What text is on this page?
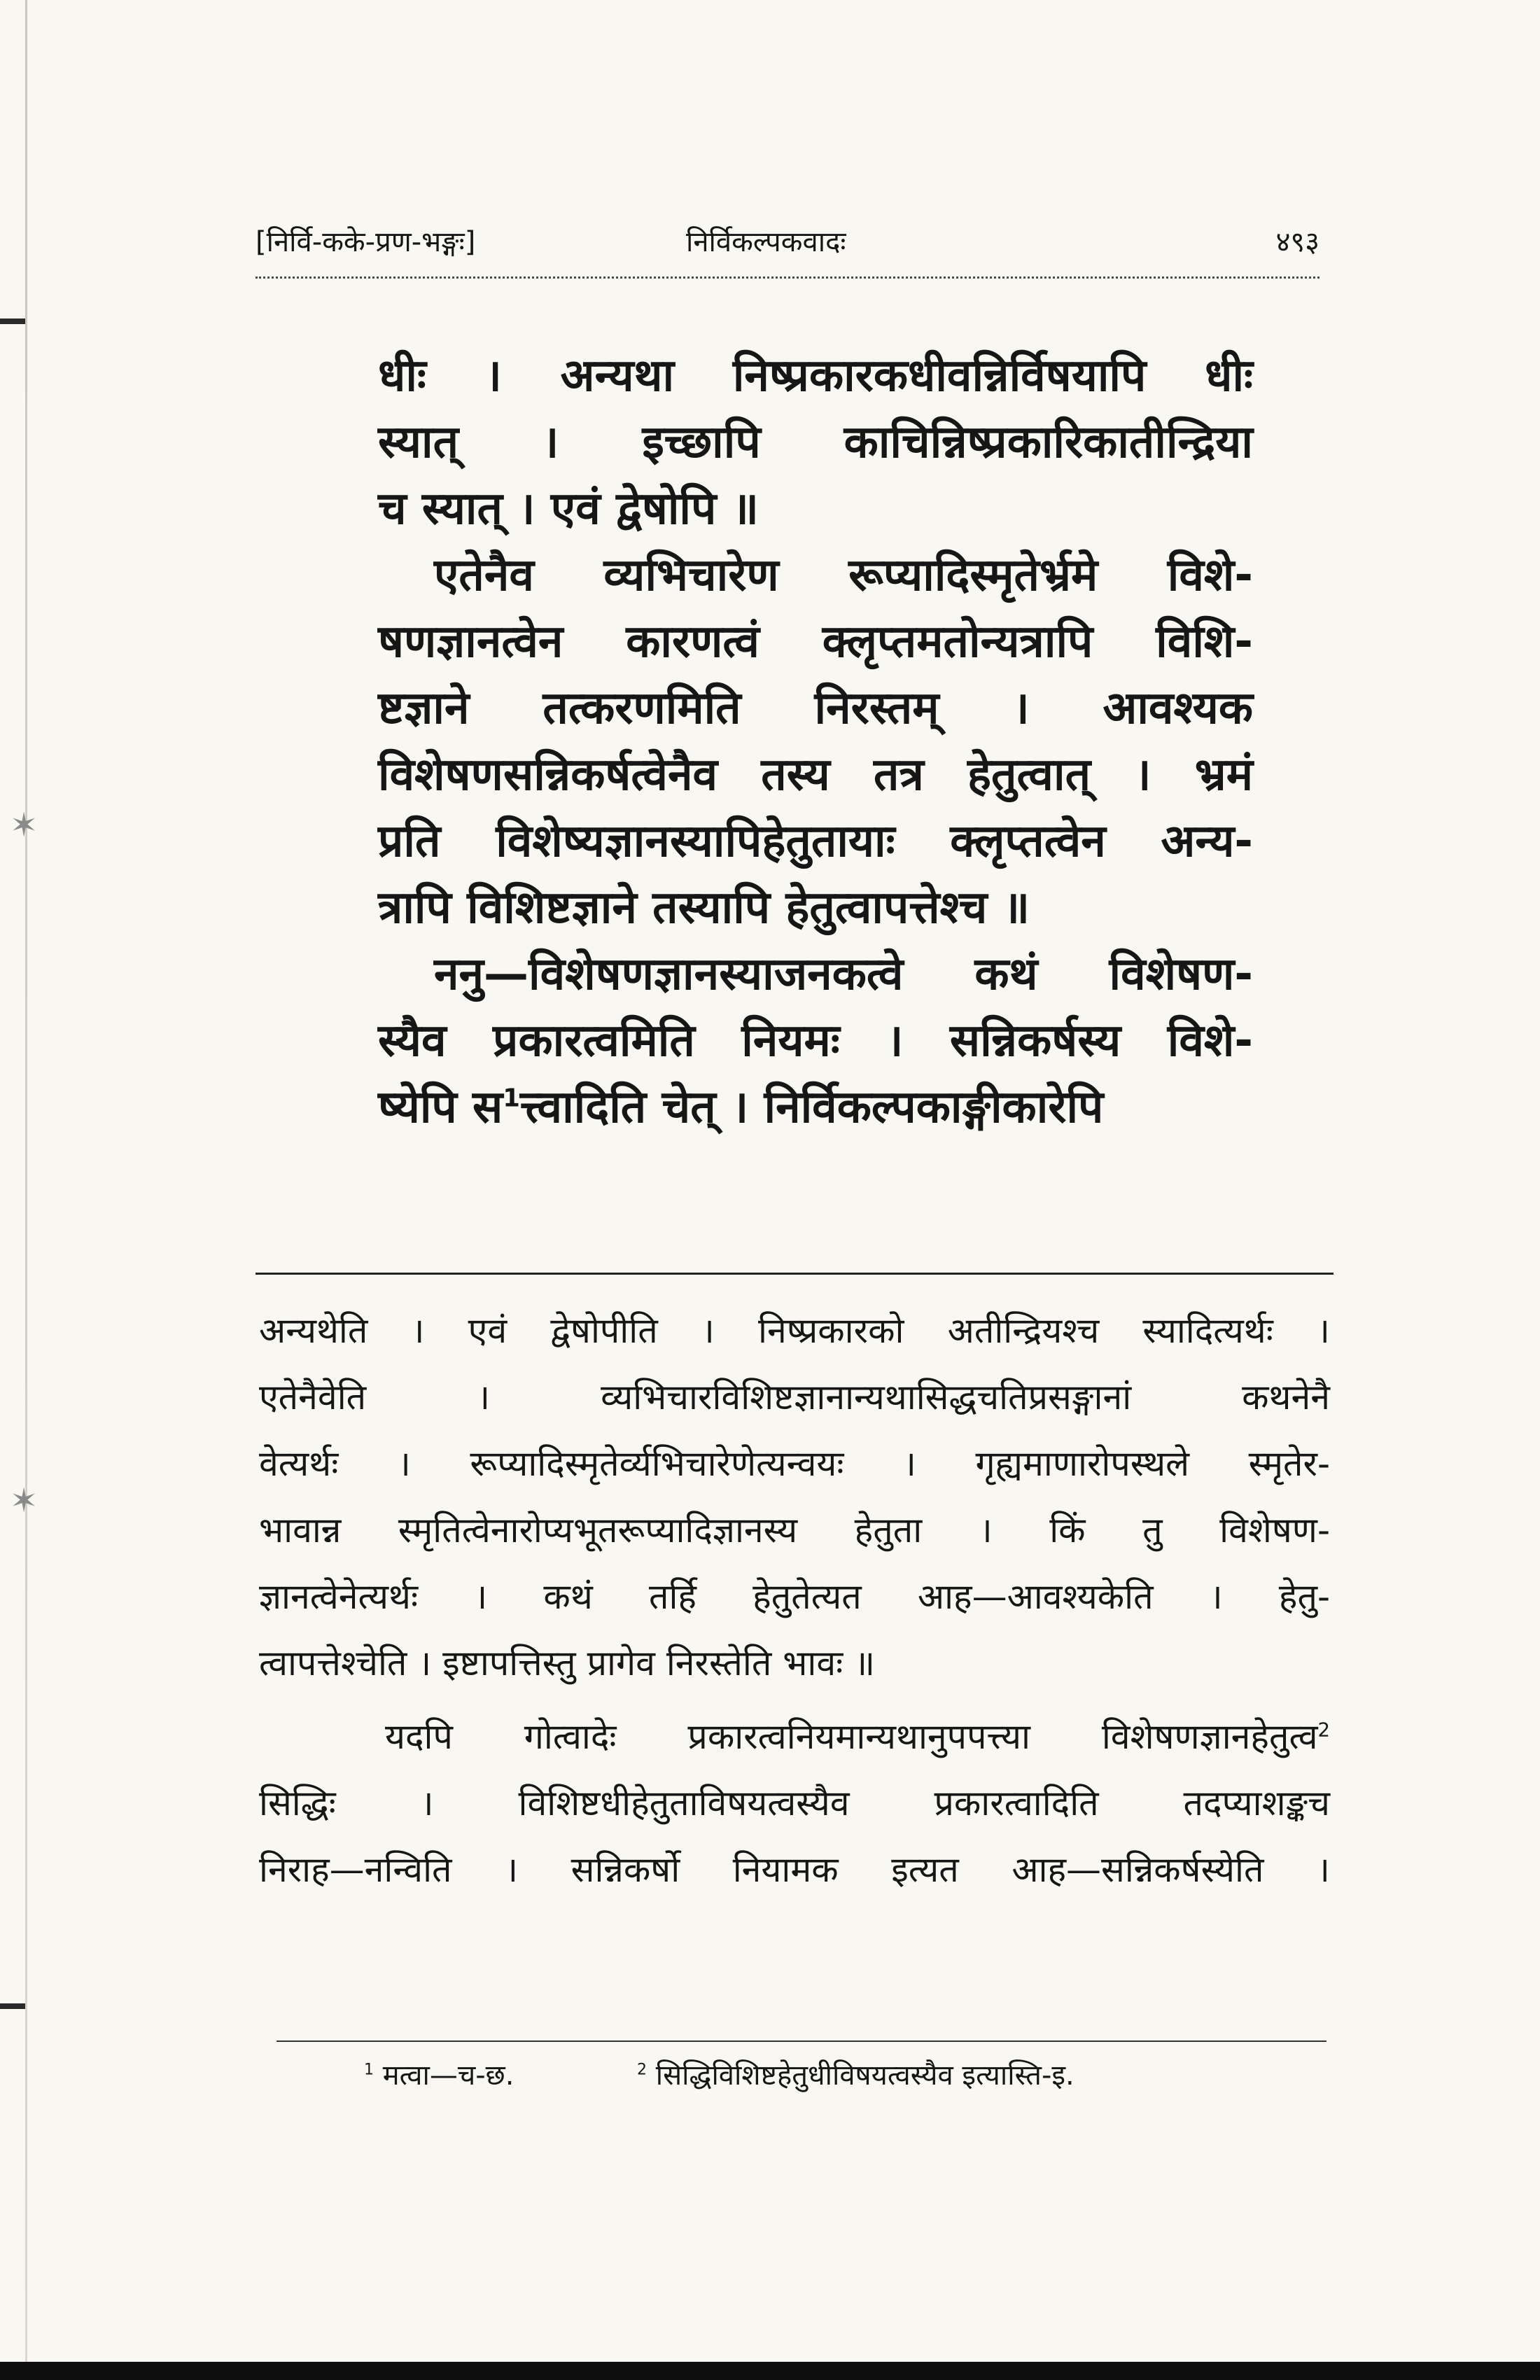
✶
✶
[निर्वि-कके-प्रण-भङ्गः]	निर्विकल्पकवादः	४९३
धीः । अन्यथा निष्प्रकारकधीवन्निर्विषयापि धीः
स्यात् । इच्छापि काचिन्निष्प्रकारिकातीन्द्रिया
च स्यात् । एवं द्वेषोपि ॥
एतेनैव व्यभिचारेण रूप्यादिस्मृतेर्भ्रमे विशे-
षणज्ञानत्वेन कारणत्वं क्लृप्तमतोन्यत्रापि विशि-
ष्टज्ञाने तत्करणमिति निरस्तम् । आवश्यक
विशेषणसन्निकर्षत्वेनैव तस्य तत्र हेतुत्वात् । भ्रमं
प्रति विशेष्यज्ञानस्यापिहेतुतायाः क्लृप्तत्वेन अन्य-
त्रापि विशिष्टज्ञाने तस्यापि हेतुत्वापत्तेश्च ॥
ननु—विशेषणज्ञानस्याजनकत्वे कथं विशेषण-
स्यैव प्रकारत्वमिति नियमः । सन्निकर्षस्य विशे-
ष्येपि स$^1$त्त्वादिति चेत् । निर्विकल्पकाङ्गीकारेपि
अन्यथेति । एवं द्वेषोपीति । निष्प्रकारको अतीन्द्रियश्च स्यादित्यर्थः ।
एतेनैवेति । व्यभिचारविशिष्टज्ञानान्यथासिद्धचतिप्रसङ्गानां कथनेनै
वेत्यर्थः । रूप्यादिस्मृतेर्व्यभिचारेणेत्यन्वयः । गृह्यमाणारोपस्थले स्मृतेर-
भावान्न स्मृतित्वेनारोप्यभूतरूप्यादिज्ञानस्य हेतुता । किं तु विशेषण-
ज्ञानत्वेनेत्यर्थः । कथं तर्हि हेतुतेत्यत आह—आवश्यकेति । हेतु-
त्वापत्तेश्चेति । इष्टापत्तिस्तु प्रागेव निरस्तेति भावः ॥
यदपि गोत्वादेः प्रकारत्वनियमान्यथानुपपत्त्या विशेषणज्ञानहेतुत्व$^2$
सिद्धिः । विशिष्टधीहेतुताविषयत्वस्यैव प्रकारत्वादिति तदप्याशङ्कच
निराह—नन्विति । सन्निकर्षो नियामक इत्यत आह—सन्निकर्षस्येति ।
$^1$ मत्वा—च-छ.	$^2$ सिद्धिविशिष्टहेतुधीविषयत्वस्यैव इत्यास्ति-इ.
